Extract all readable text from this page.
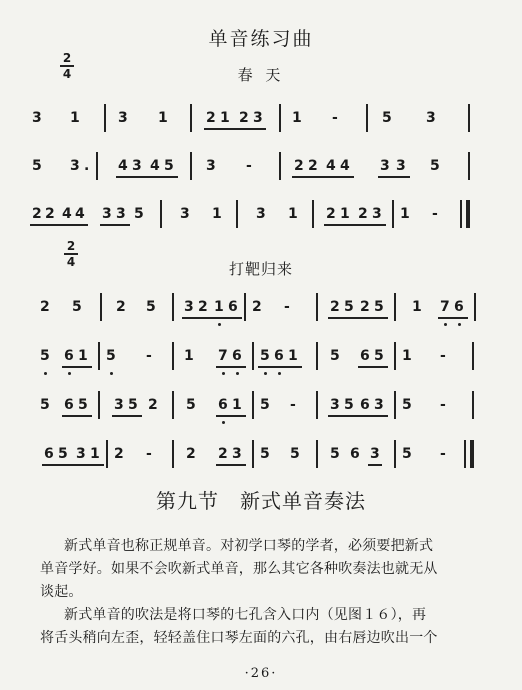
单音练习曲
2
4	春 天
3 1	3 1	2 1 2 3 1 -	5 3
5 3 . 4 3 4 5 3 -	2 2 4 4 3 3 5
2 2 4 4 3 3 5	3 1 3 1 2 1 2 3 1 -
2
4	打靶归来
2 5 2 5 3 2 1 6 2 -	2 5 2 5 1 7 6
5 6 1 5 - 1 7 6 5 6 1 5 6 5 1 -
5 6 5 3 5 2 5 6 1 5 - 3 5 6 3 5 -
6 5 3 1 2 - 2 2 3 5 5 5 6 3 5 -
第九节　新式单音奏法
新式单音也称正规单音。对初学口琴的学者，必须要把新式
单音学好。如果不会吹新式单音，那么其它各种吹奏法也就无从
谈起。
新式单音的吹法是将口琴的七孔含入口内（见图１６），再
将舌头稍向左歪，轻轻盖住口琴左面的六孔，由右唇边吹出一个
·26·
